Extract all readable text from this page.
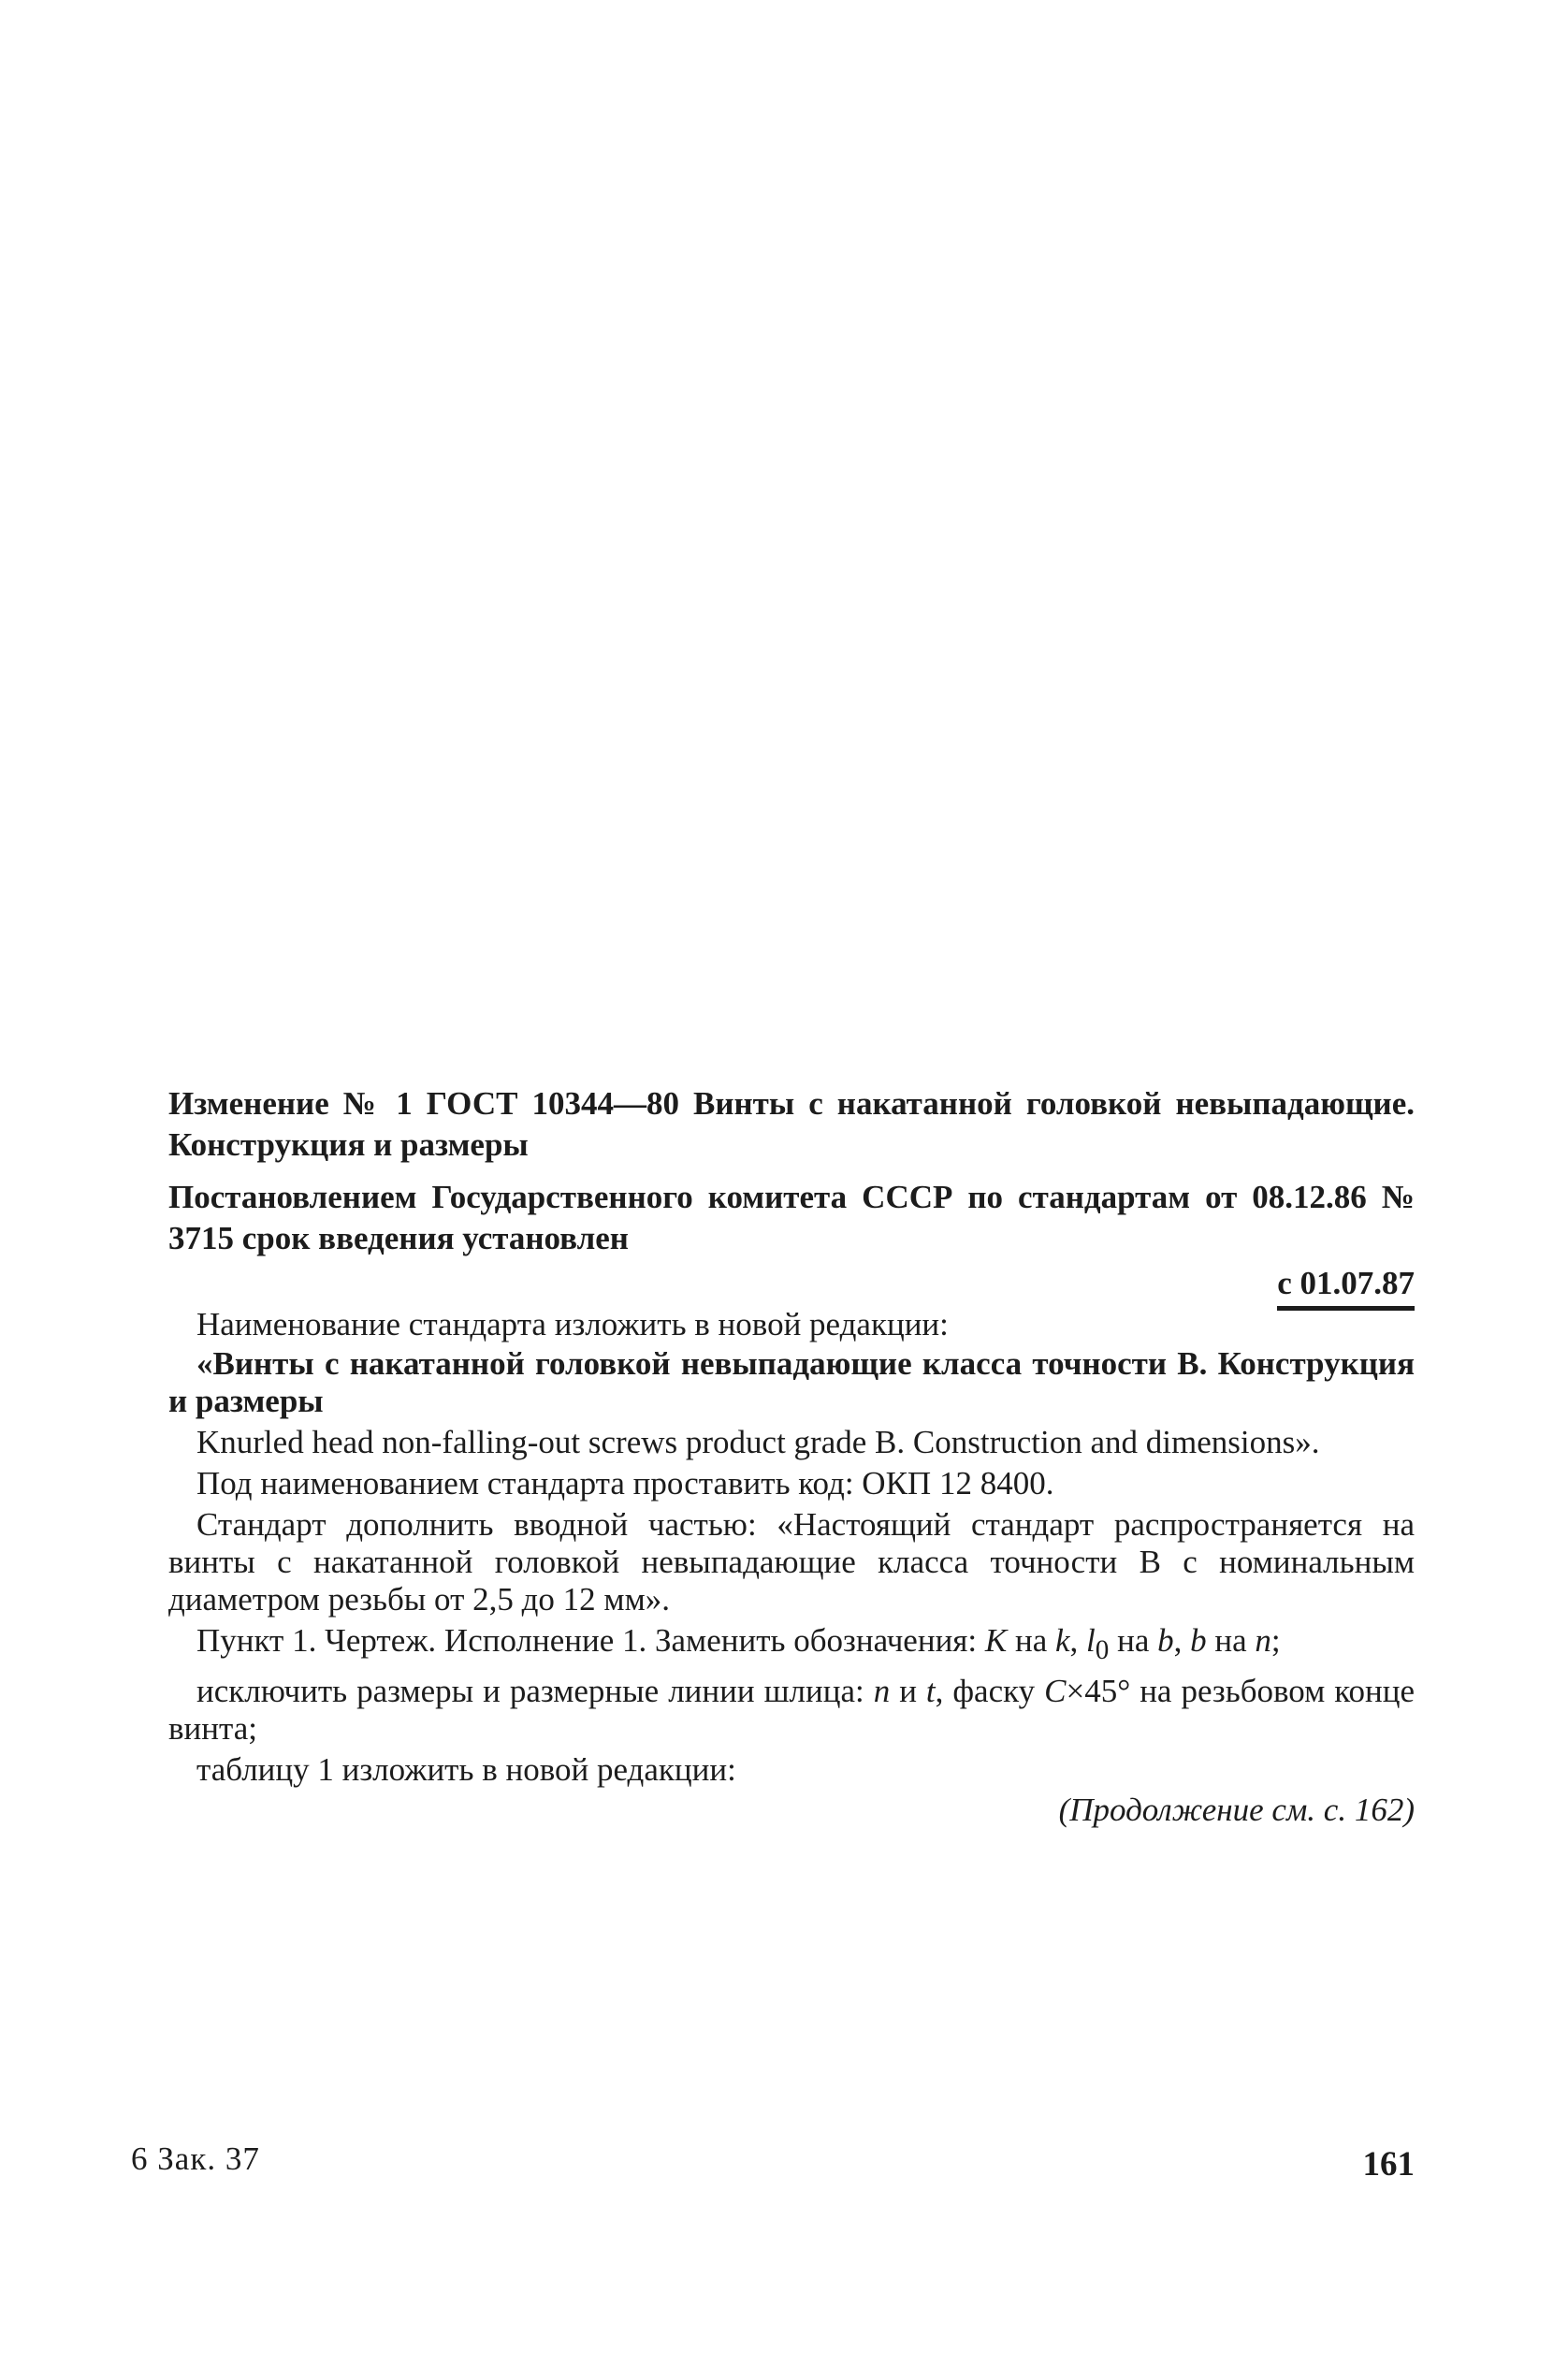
Изменение № 1 ГОСТ 10344—80 Винты с накатанной головкой невыпадающие. Конструкция и размеры
Постановлением Государственного комитета СССР по стандартам от 08.12.86 № 3715 срок введения установлен
с 01.07.87

Наименование стандарта изложить в новой редакции:

«Винты с накатанной головкой невыпадающие класса точности В. Конструкция и размеры

Knurled head non-falling-out screws product grade B. Construction and dimensions».

Под наименованием стандарта проставить код: ОКП 12 8400.

Стандарт дополнить вводной частью: «Настоящий стандарт распространяется на винты с накатанной головкой невыпадающие класса точности В с номинальным диаметром резьбы от 2,5 до 12 мм».

Пункт 1. Чертеж. Исполнение 1. Заменить обозначения: K на k, $l_0$ на b, b на n;

исключить размеры и размерные линии шлица: n и t, фаску C×45° на резьбовом конце винта;

таблицу 1 изложить в новой редакции:

(Продолжение см. с. 162)
6 Зак. 37	161
